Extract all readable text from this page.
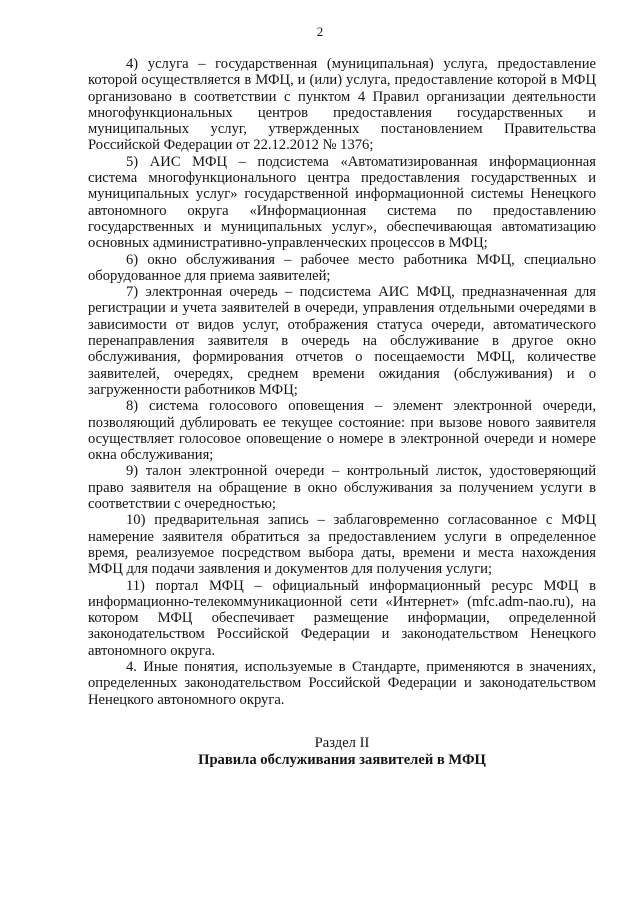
2

4) услуга – государственная (муниципальная) услуга, предоставление которой осуществляется в МФЦ, и (или) услуга, предоставление которой в МФЦ организовано в соответствии с пунктом 4 Правил организации деятельности многофункциональных центров предоставления государственных и муниципальных услуг, утвержденных постановлением Правительства Российской Федерации от 22.12.2012 № 1376;

5) АИС МФЦ – подсистема «Автоматизированная информационная система многофункционального центра предоставления государственных и муниципальных услуг» государственной информационной системы Ненецкого автономного округа «Информационная система по предоставлению государственных и муниципальных услуг», обеспечивающая автоматизацию основных административно-управленческих процессов в МФЦ;

6) окно обслуживания – рабочее место работника МФЦ, специально оборудованное для приема заявителей;

7) электронная очередь – подсистема АИС МФЦ, предназначенная для регистрации и учета заявителей в очереди, управления отдельными очередями в зависимости от видов услуг, отображения статуса очереди, автоматического перенаправления заявителя в очередь на обслуживание в другое окно обслуживания, формирования отчетов о посещаемости МФЦ, количестве заявителей, очередях, среднем времени ожидания (обслуживания) и о загруженности работников МФЦ;

8) система голосового оповещения – элемент электронной очереди, позволяющий дублировать ее текущее состояние: при вызове нового заявителя осуществляет голосовое оповещение о номере в электронной очереди и номере окна обслуживания;

9) талон электронной очереди – контрольный листок, удостоверяющий право заявителя на обращение в окно обслуживания за получением услуги в соответствии с очередностью;

10) предварительная запись – заблаговременно согласованное с МФЦ намерение заявителя обратиться за предоставлением услуги в определенное время, реализуемое посредством выбора даты, времени и места нахождения МФЦ для подачи заявления и документов для получения услуги;

11) портал МФЦ – официальный информационный ресурс МФЦ в информационно-телекоммуникационной сети «Интернет» (mfc.adm-nao.ru), на котором МФЦ обеспечивает размещение информации, определенной законодательством Российской Федерации и законодательством Ненецкого автономного округа.

4. Иные понятия, используемые в Стандарте, применяются в значениях, определенных законодательством Российской Федерации и законодательством Ненецкого автономного округа.

Раздел II
Правила обслуживания заявителей в МФЦ
